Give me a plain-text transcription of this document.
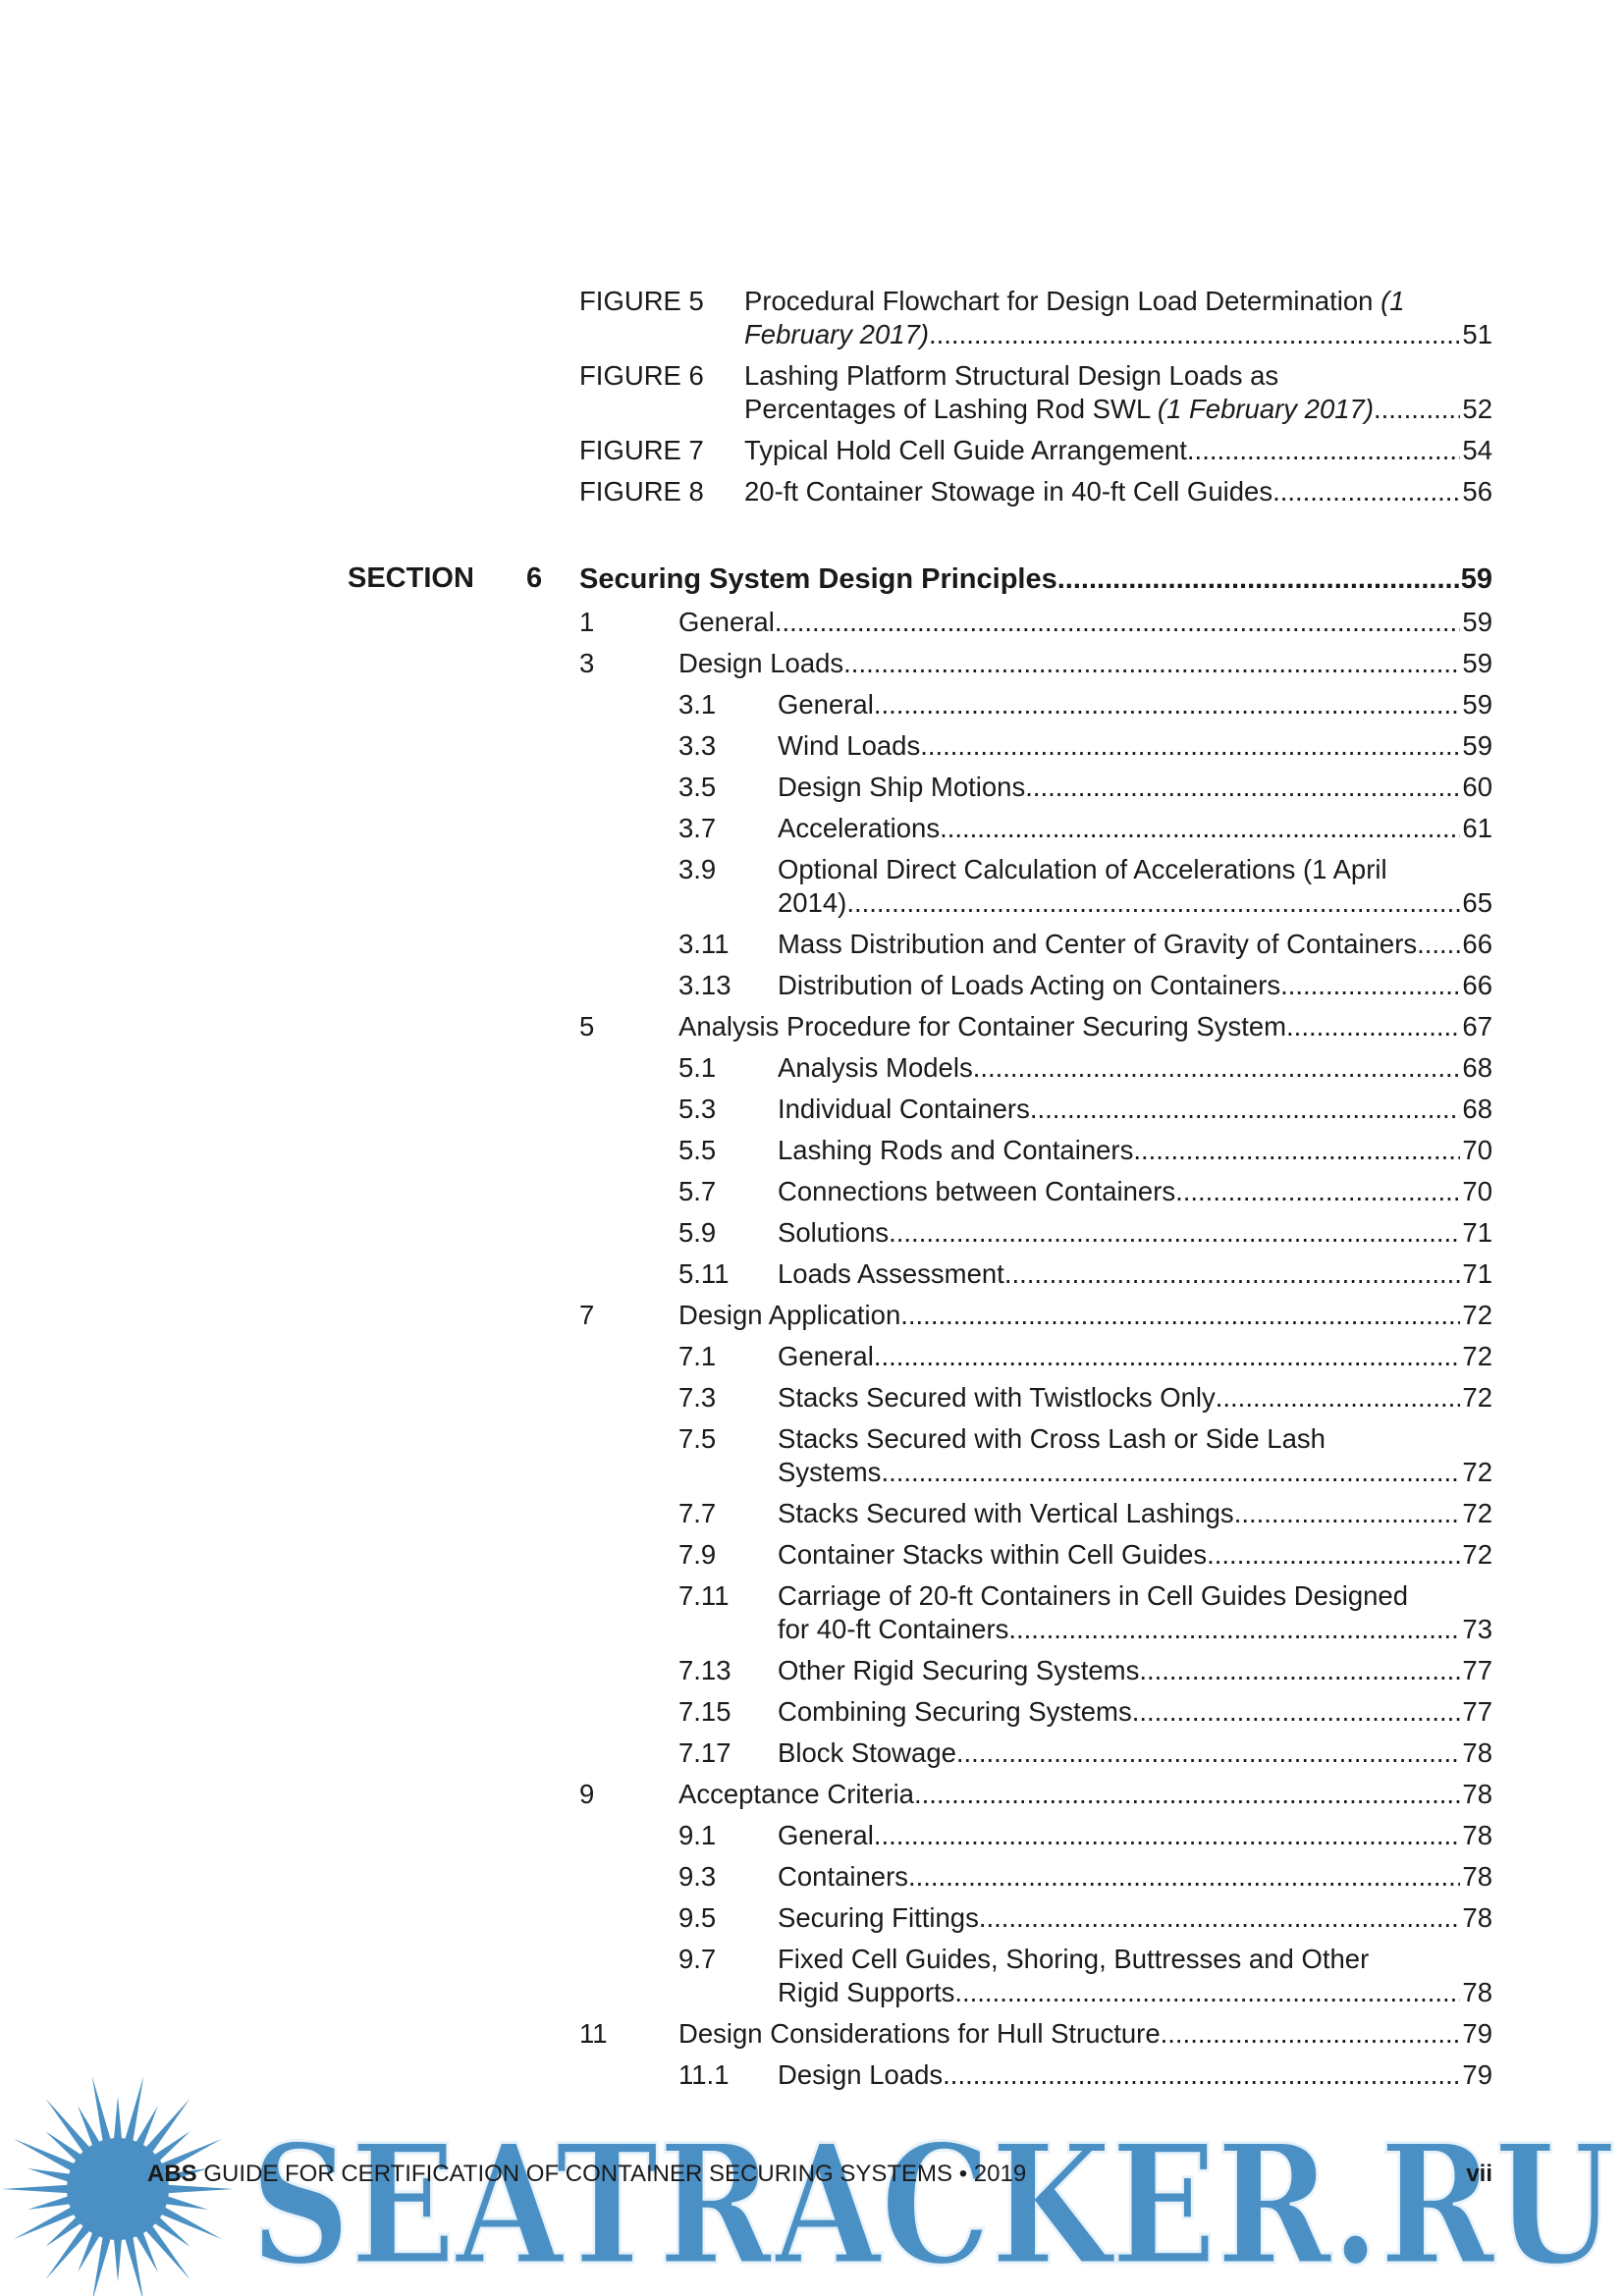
FIGURE 5 Procedural Flowchart for Design Load Determination (1
February 2017) .....	51
FIGURE 6 Lashing Platform Structural Design Loads as
Percentages of Lashing Rod SWL (1 February 2017) .....	52
FIGURE 7 Typical Hold Cell Guide Arrangement .....	54
FIGURE 8 20-ft Container Stowage in 40-ft Cell Guides .....	56
SECTION 6 Securing System Design Principles .....	59
1	General .....	59
3	Design Loads .....	59
3.1 General .....	59
3.3 Wind Loads .....	59
3.5 Design Ship Motions .....	60
3.7 Accelerations .....	61
3.9 Optional Direct Calculation of Accelerations (1 April
2014) .....	65
3.11 Mass Distribution and Center of Gravity of Containers ..... 66
3.13 Distribution of Loads Acting on Containers .....	66
5	Analysis Procedure for Container Securing System .....	67
5.1 Analysis Models .....	68
5.3 Individual Containers .....	68
5.5 Lashing Rods and Containers .....	70
5.7 Connections between Containers .....	70
5.9 Solutions .....	71
5.11 Loads Assessment .....	71
7	Design Application .....	72
7.1 General .....	72
7.3 Stacks Secured with Twistlocks Only .....	72
7.5 Stacks Secured with Cross Lash or Side Lash
Systems .....	72
7.7 Stacks Secured with Vertical Lashings .....	72
7.9 Container Stacks within Cell Guides .....	72
7.11 Carriage of 20-ft Containers in Cell Guides Designed
for 40-ft Containers .....	73
7.13 Other Rigid Securing Systems .....	77
7.15 Combining Securing Systems .....	77
7.17 Block Stowage .....	78
9	Acceptance Criteria .....	78
9.1 General .....	78
9.3 Containers .....	78
9.5 Securing Fittings .....	78
9.7 Fixed Cell Guides, Shoring, Buttresses and Other
Rigid Supports .....	78
11	Design Considerations for Hull Structure .....	79
11.1 Design Loads .....	79
SEATRACKER.RU
ABS GUIDE FOR CERTIFICATION OF CONTAINER SECURING SYSTEMS • 2019	vii
